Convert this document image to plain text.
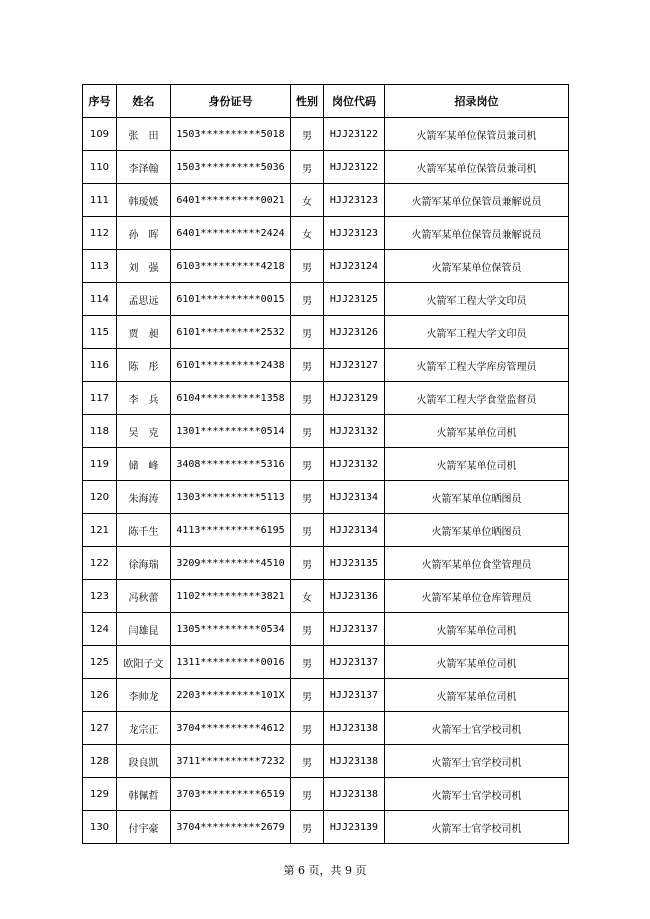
序号	姓名	身份证号	性别	岗位代码	招录岗位
109	张　田	1503**********5018	男	HJJ23122	火箭军某单位保管员兼司机
110	李泽翰	1503**********5036	男	HJJ23122	火箭军某单位保管员兼司机
111	韩瑷媛	6401**********0021	女	HJJ23123	火箭军某单位保管员兼解说员
112	孙　晖	6401**********2424	女	HJJ23123	火箭军某单位保管员兼解说员
113	刘　强	6103**********4218	男	HJJ23124	火箭军某单位保管员
114	孟思远	6101**********0015	男	HJJ23125	火箭军工程大学文印员
115	贾　昶	6101**********2532	男	HJJ23126	火箭军工程大学文印员
116	陈　彤	6101**********2438	男	HJJ23127	火箭军工程大学库房管理员
117	李　兵	6104**********1358	男	HJJ23129	火箭军工程大学食堂监督员
118	吴　克	1301**********0514	男	HJJ23132	火箭军某单位司机
119	储　峰	3408**********5316	男	HJJ23132	火箭军某单位司机
120	朱海涛	1303**********5113	男	HJJ23134	火箭军某单位晒图员
121	陈千生	4113**********6195	男	HJJ23134	火箭军某单位晒图员
122	徐海瑞	3209**********4510	男	HJJ23135	火箭军某单位食堂管理员
123	冯秋蕾	1102**********3821	女	HJJ23136	火箭军某单位仓库管理员
124	闫雄昆	1305**********0534	男	HJJ23137	火箭军某单位司机
125	欧阳子文	1311**********0016	男	HJJ23137	火箭军某单位司机
126	李帅龙	2203**********101X	男	HJJ23137	火箭军某单位司机
127	龙宗正	3704**********4612	男	HJJ23138	火箭军士官学校司机
128	段良凯	3711**********7232	男	HJJ23138	火箭军士官学校司机
129	韩佩哲	3703**********6519	男	HJJ23138	火箭军士官学校司机
130	付宇豪	3704**********2679	男	HJJ23139	火箭军士官学校司机
第 6 页，共 9 页
